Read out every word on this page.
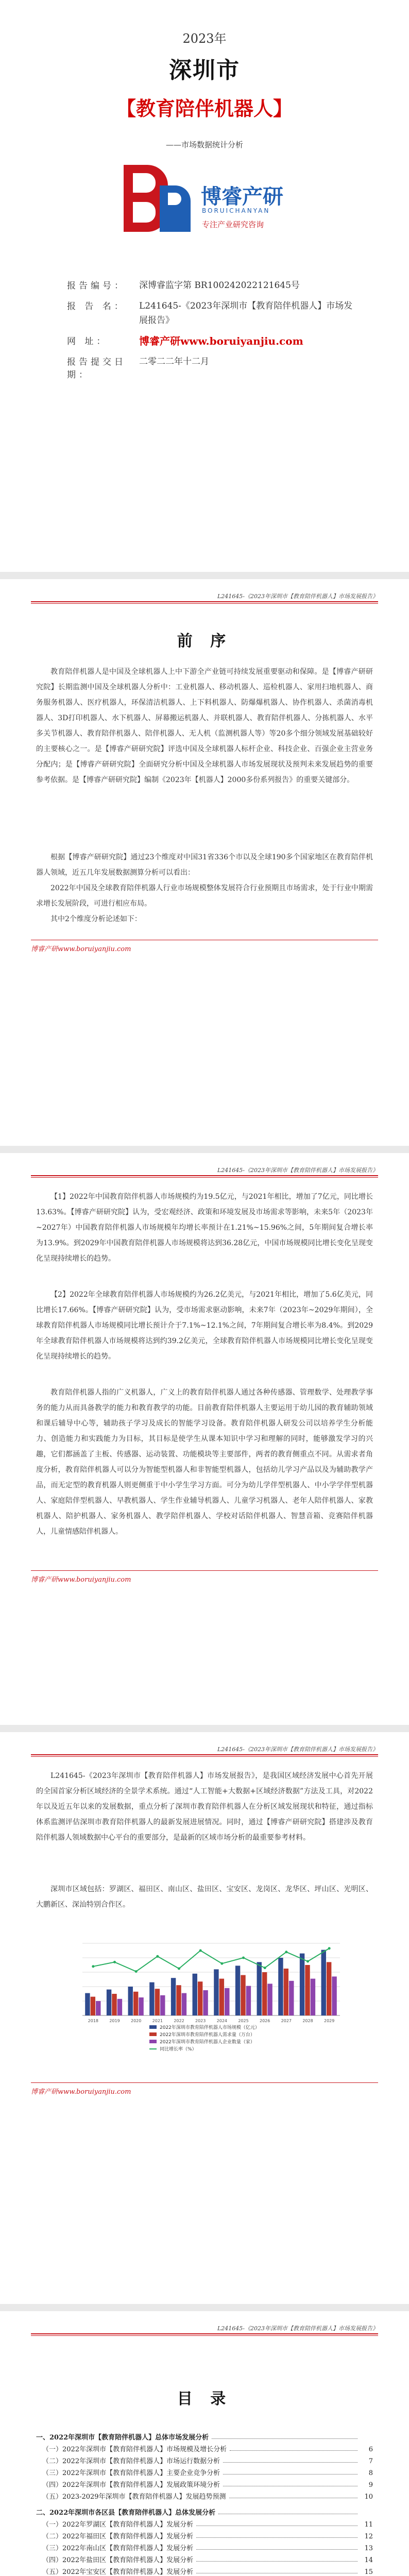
2023年
深圳市
【教育陪伴机器人】
——市场数据统计分析
博睿产研
BORUICHANYAN
专注产业研究咨询
报告编号：	深博睿监字第 BR10024202212​1645号
报 告 名：	L241645-《2023年深圳市【教育陪伴机器人】市场发展报告》
网 址：	博睿产研www.boruiyanjiu.com
报告提交日期：
二零二二年十二月
L241645-《2023年深圳市【教育陪伴机器人】市场发展报告》
前 序
教育陪伴机器人是中国及全球机器人上中下游全产业链可持续发展重要驱动和保障。是【博睿产研研究院】长期监测中国及全球机器人分析中：工业机器人、移动机器人、巡检机器人、家用扫地机器人、商务服务机器人、医疗机器人，环保清洁机器人、上下料机器人、防爆爆机器人、协作机器人、杀菌消毒机器人、3D打印机器人、水下机器人、屏幕搬运机器人、并联机器人、教育陪伴机器人、分拣机器人、水平多关节机器人、教育陪伴机器人、陪伴机器人、无人机（监测机器人等）等20多个细分领域发展基础较好的主要核心之一。是【博睿产研研究院】评选中国及全球机器人标杆企业、科技企业、百强企业主营业务分配内；是【博睿产研研究院】全面研究分析中国及全球机器人市场发展现状及预判未来发展趋势的重要参考依据。是【博睿产研研究院】编制《2023年【机器人】2000多份系列报告》的重要关键部分。
根据【博睿产研研究院】通过23个维度对中国31省336个市以及全球190多个国家地区在教育陪伴机器人领域，近五几年发展数据测算分析可以看出：
2022年中国及全球教育陪伴机器人行业市场规模整体发展符合行业预期且市场需求，处于行业中期需求增长发展阶段，可进行相应布局。
其中2个维度分析论述如下：
博睿产研www.boruiyanjiu.com
L241645-《2023年深圳市【教育陪伴机器人】市场发展报告》
【1】2022年中国教育陪伴机器人市场规模约为19.5亿元，与2021年相比，增加了7亿元，同比增长13.63%。【博睿产研研究院】认为，受宏观经济、政策和环境发展及市场需求等影响，未来5年（2023年~2027年）中国教育陪伴机器人市场规模年均增长率预计在1.21%~15.96%之间，5年期间复合增长率为13.9%。到2029年中国教育陪伴机器人市场规模将达到36.28亿元，中国市场规模同比增长变化呈现变化呈现持续增长的趋势。
【2】2022年全球教育陪伴机器人市场规模约为26.2亿美元，与2021年相比，增加了5.6亿美元，同比增长17.66%。【博睿产研研究院】认为，受市场需求驱动影响，未来7年（2023年~2029年期间），全球教育陪伴机器人市场规模同比增长预计介于7.1%~12.1%之间，7年期间复合增长率为8.4%。到2029年全球教育陪伴机器人市场规模将达到约39.2亿美元，全球教育陪伴机器人市场规模同比增长变化呈现变化呈现持续增长的趋势。
教育陪伴机器人指的广义机器人，广义上的教育陪伴机器人通过各种传感器、管理数学、处理教学事务的能力从而具备教学的能力和教育教学的功能。目前教育陪伴机器人主要运用于幼儿园的教育辅助领域和课后辅导中心等，辅助孩子学习及成长的智能学习设备。教育陪伴机器人研发公司以培养学生分析能力、创造能力和实践能力为目标，其目标是使学生从课本知识中学习和理解的同时，能够激发学习的兴趣，它们都涵盖了主板、传感器、运动装置、功能模块等主要部件，两者的教育侧重点不同。从需求者角度分析，教育陪伴机器人可以分为智能型机器人和非智能型机器人，包括幼儿学习产品以及为辅助教学产品，而无定型的教育机器人则更侧重于中小学生学习方面。可分为幼儿学伴型机器人、中小学学伴型机器人、家庭陪伴型机器人、早教机器人、学生作业辅导机器人、儿童学习机器人、老年人陪伴机器人、家教机器人、陪护机器人、家务机器人、教学陪伴机器人、学校对话陪伴机器人、智慧音箱、竞赛陪伴机器人，儿童情感陪伴机器人。
博睿产研www.boruiyanjiu.com
L241645-《2023年深圳市【教育陪伴机器人】市场发展报告》
L241645-《2023年深圳市【教育陪伴机器人】市场发展报告》，是我国区域经济发展中心首先开展的全国首家分析区域经济的全景学术系统。通过“人工智能+大数据+区域经济数据”方法及工具，对2022年以及近五年以来的发展数据，重点分析了深圳市教育陪伴机器人在分析区域发展现状和特征，通过指标体系监测评估深圳市教育陪伴机器人的最新发展进展情况。同时，通过【博睿产研研究院】搭建涉及教育陪伴机器人领域数据中心平台的重要部分，是最新的区域市场分析的最重要参考材料。
深圳市区域包括：罗湖区、福田区、南山区、盐田区、宝安区、龙岗区、龙华区、坪山区、光明区、大鹏新区、深汕特别合作区。
2018	2019	2020	2021	2022	2023	2024	2025	2026	2027	2028	2029
2022年深圳市教育陪伴机器人市场规模（亿元）
2022年深圳市教育陪伴机器人需求量（万台）
2022年深圳市教育陪伴机器人企业数量（家）
同比增长率（%）
博睿产研www.boruiyanjiu.com
L241645-《2023年深圳市【教育陪伴机器人】市场发展报告》
目 录
一、2022年深圳市【教育陪伴机器人】总体市场发展分析
（一）2022年深圳市【教育陪伴机器人】市场规模及增长分析	6
（二）2022年深圳市【教育陪伴机器人】市场运行数据分析	7
（三）2022年深圳市【教育陪伴机器人】主要企业竞争分析	8
（四）2022年深圳市【教育陪伴机器人】发展政策环境分析	9
（五）2023-2029年深圳市【教育陪伴机器人】发展趋势预测	10
二、2022年深圳市各区县【教育陪伴机器人】总体发展分析
（一）2022年罗湖区【教育陪伴机器人】发展分析	11
（二）2022年福田区【教育陪伴机器人】发展分析	12
（三）2022年南山区【教育陪伴机器人】发展分析	13
（四）2022年盐田区【教育陪伴机器人】发展分析	14
（五）2022年宝安区【教育陪伴机器人】发展分析	15
